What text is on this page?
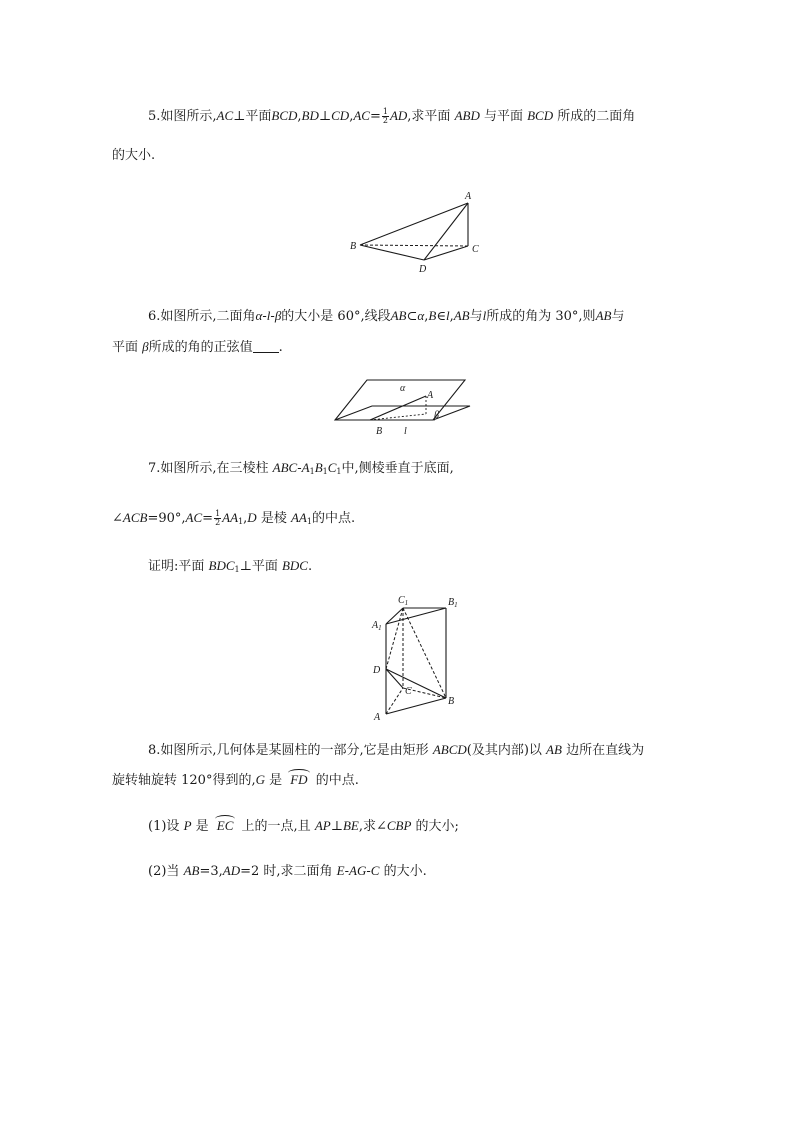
5.如图所示,AC⊥平面BCD,BD⊥CD,AC= $\frac{1}{2}$ AD,求平面 ABD 与平面 BCD 所成的二面角
的大小.
A
B	C
D
6.如图所示,二面角α-l-β的大小是 60°,线段AB⊂α,B∈l,AB与l所成的角为 30°,则AB与
平面 β所成的角的正弦值 .
α
A
B l
β
7.如图所示,在三棱柱 ABC-$A_1B_1C_1$中,侧棱垂直于底面,
∠ACB=90°,AC= $\frac{1}{2} AA_1,D$ 是棱 $AA_1$的中点.
证明:平面 $BDC_1\perp$平面 BDC.
$C_1$	$B_1$
$A_1$
D
C
A
B
8.如图所示,几何体是某圆柱的一部分,它是由矩形 ABCD(及其内部)以 AB 边所在直线为
旋转轴旋转 120°得到的,G 是 FD 的中点.
(1)设 P 是 EC 上的一点,且 AP⊥BE,求∠CBP 的大小;
(2)当 AB=3,AD=2 时,求二面角 E-AG-C 的大小.
